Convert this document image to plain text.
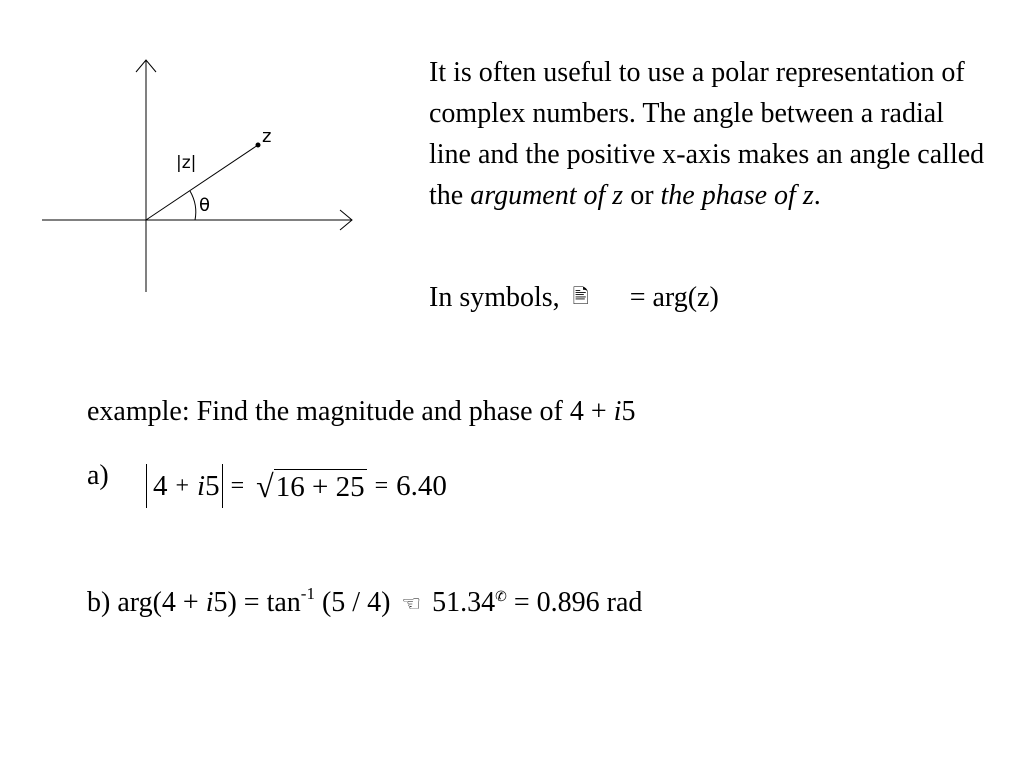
z
|z|
θ

It is often useful to use a polar representation of complex numbers. The angle between a radial line and the positive x-axis makes an angle called the argument of z or the phase of z.

In symbols, 🖹 = arg(z)
example: Find the magnitude and phase of 4 + i5
a) 4 + i 5 = √ 16 + 25 = 6.40
b) $arg(4 + i5) = \tan^{-1} (5 / 4)$ ☜ 51.34✆ = 0.896 rad
